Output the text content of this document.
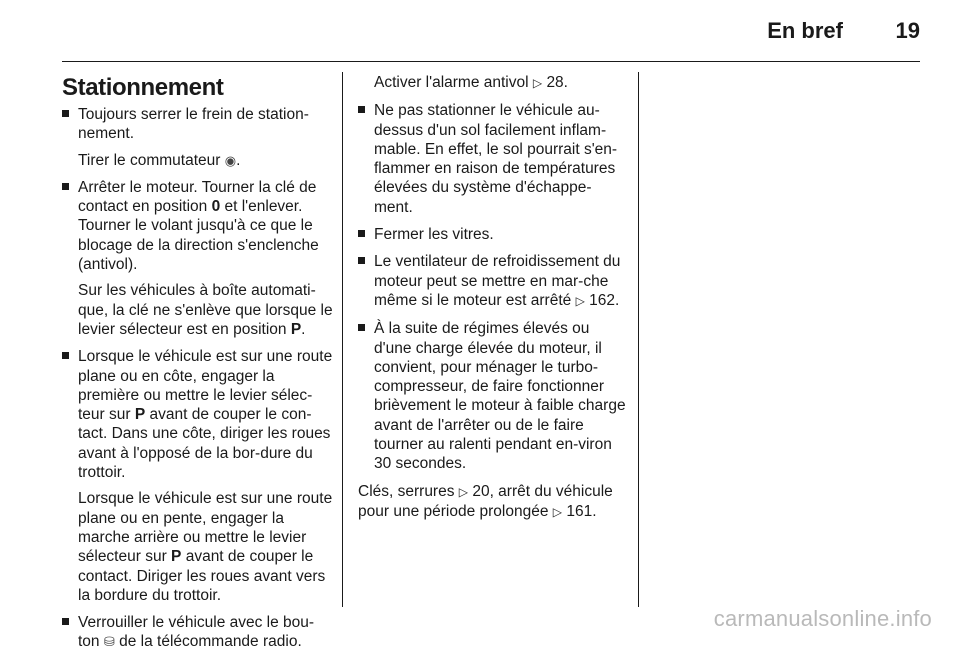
En bref 19
Stationnement

Toujours serrer le frein de station-nement.

Tirer le commutateur ◉.

Arrêter le moteur. Tourner la clé de contact en position 0 et l'enlever. Tourner le volant jusqu'à ce que le blocage de la direction s'enclenche (antivol).

Sur les véhicules à boîte automati-que, la clé ne s'enlève que lorsque le levier sélecteur est en position P.

Lorsque le véhicule est sur une route plane ou en côte, engager la première ou mettre le levier sélec-teur sur P avant de couper le con-tact. Dans une côte, diriger les roues avant à l'opposé de la bor-dure du trottoir.

Lorsque le véhicule est sur une route plane ou en pente, engager la marche arrière ou mettre le levier sélecteur sur P avant de couper le contact. Diriger les roues avant vers la bordure du trottoir.

Verrouiller le véhicule avec le bou-ton ⛁ de la télécommande radio.

Activer l'alarme antivol ▷ 28.

Ne pas stationner le véhicule au-dessus d'un sol facilement inflam-mable. En effet, le sol pourrait s'en-flammer en raison de températures élevées du système d'échappe-ment.

Fermer les vitres.

Le ventilateur de refroidissement du moteur peut se mettre en mar-che même si le moteur est arrêté ▷ 162.

À la suite de régimes élevés ou d'une charge élevée du moteur, il convient, pour ménager le turbo-compresseur, de faire fonctionner brièvement le moteur à faible charge avant de l'arrêter ou de le faire tourner au ralenti pendant en-viron 30 secondes.

Clés, serrures ▷ 20, arrêt du véhicule pour une période prolongée ▷ 161.

carmanualsonline.info
